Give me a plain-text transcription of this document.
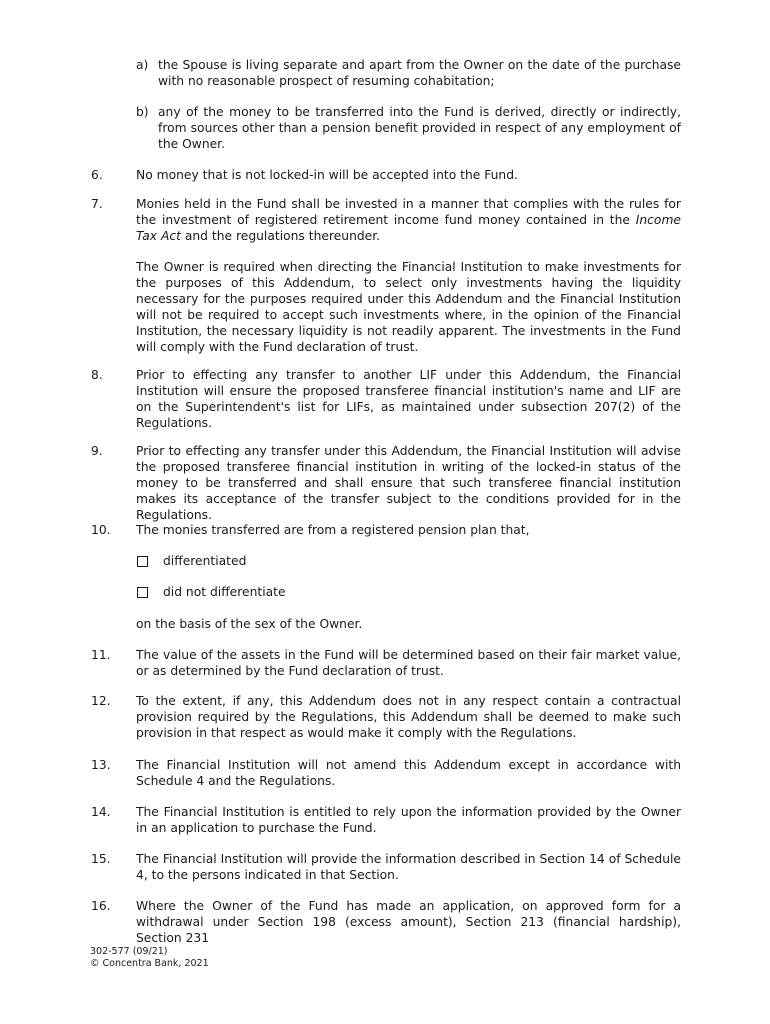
a) the Spouse is living separate and apart from the Owner on the date of the purchase with no reasonable prospect of resuming cohabitation;
b) any of the money to be transferred into the Fund is derived, directly or indirectly, from sources other than a pension benefit provided in respect of any employment of the Owner.
6.	No money that is not locked-in will be accepted into the Fund.
7.	Monies held in the Fund shall be invested in a manner that complies with the rules for the investment of registered retirement income fund money contained in the Income Tax Act and the regulations thereunder.

The Owner is required when directing the Financial Institution to make investments for the purposes of this Addendum, to select only investments having the liquidity necessary for the purposes required under this Addendum and the Financial Institution will not be required to accept such investments where, in the opinion of the Financial Institution, the necessary liquidity is not readily apparent. The investments in the Fund will comply with the Fund declaration of trust.

8.	Prior to effecting any transfer to another LIF under this Addendum, the Financial Institution will ensure the proposed transferee financial institution's name and LIF are on the Superintendent's list for LIFs, as maintained under subsection 207(2) of the Regulations.
9.	Prior to effecting any transfer under this Addendum, the Financial Institution will advise the proposed transferee financial institution in writing of the locked-in status of the money to be transferred and shall ensure that such transferee financial institution makes its acceptance of the transfer subject to the conditions provided for in the Regulations.
10. The monies transferred are from a registered pension plan that,
differentiated
did not differentiate
on the basis of the sex of the Owner.
11. The value of the assets in the Fund will be determined based on their fair market value, or as determined by the Fund declaration of trust.
12. To the extent, if any, this Addendum does not in any respect contain a contractual provision required by the Regulations, this Addendum shall be deemed to make such provision in that respect as would make it comply with the Regulations.
13. The Financial Institution will not amend this Addendum except in accordance with Schedule 4 and the Regulations.
14. The Financial Institution is entitled to rely upon the information provided by the Owner in an application to purchase the Fund.
15. The Financial Institution will provide the information described in Section 14 of Schedule 4, to the persons indicated in that Section.
16. Where the Owner of the Fund has made an application, on approved form for a withdrawal under Section 198 (excess amount), Section 213 (financial hardship), Section 231
302-577 (09/21)
© Concentra Bank, 2021
